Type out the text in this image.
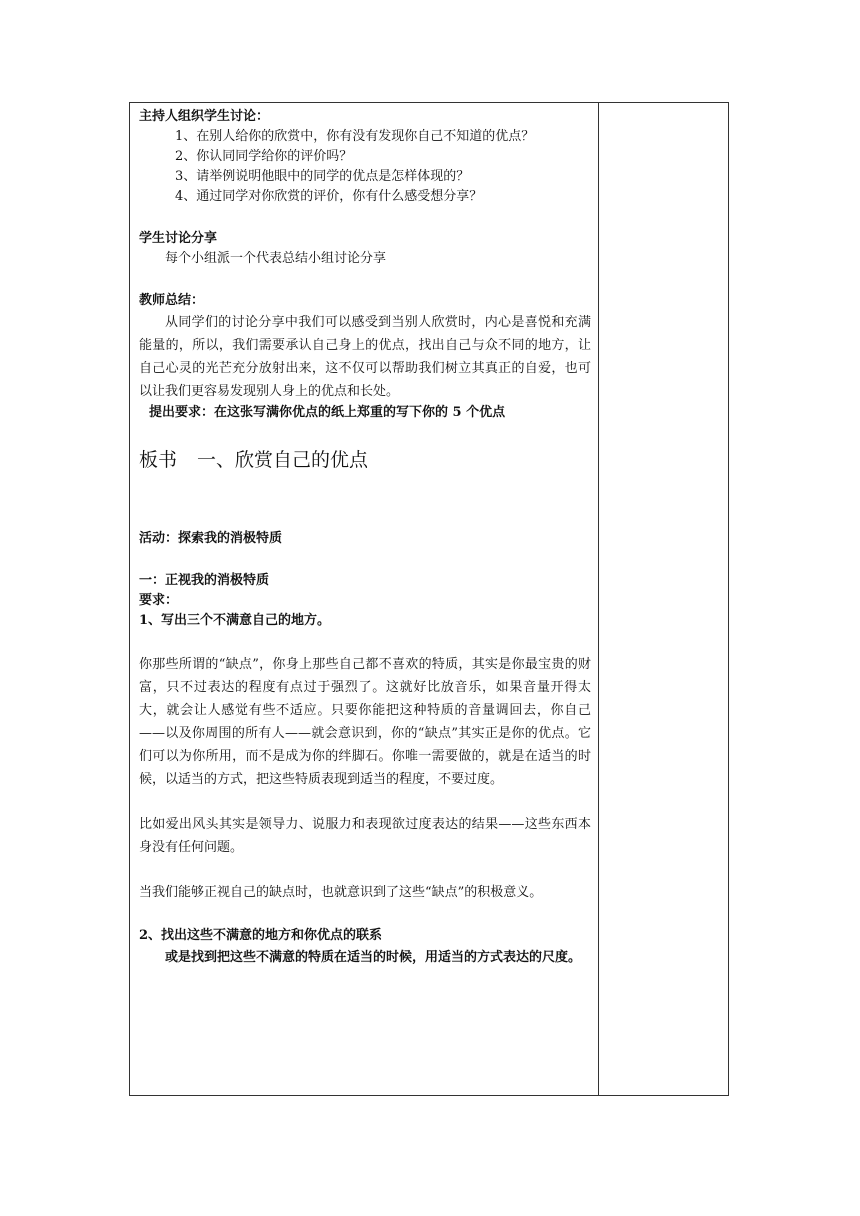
主持人组织学生讨论：

1、在别人给你的欣赏中，你有没有发现你自己不知道的优点？

2、你认同同学给你的评价吗？

3、请举例说明他眼中的同学的优点是怎样体现的？

4、通过同学对你欣赏的评价，你有什么感受想分享？

学生讨论分享

每个小组派一个代表总结小组讨论分享

教师总结：

从同学们的讨论分享中我们可以感受到当别人欣赏时，内心是喜悦和充满能量的，所以，我们需要承认自己身上的优点，找出自己与众不同的地方，让自己心灵的光芒充分放射出来，这不仅可以帮助我们树立其真正的自爱，也可以让我们更容易发现别人身上的优点和长处。

提出要求：在这张写满你优点的纸上郑重的写下你的 5 个优点

板书 一、欣赏自己的优点

活动：探索我的消极特质

一：正视我的消极特质

要求：

1、写出三个不满意自己的地方。

你那些所谓的“缺点”，你身上那些自己都不喜欢的特质，其实是你最宝贵的财富，只不过表达的程度有点过于强烈了。这就好比放音乐，如果音量开得太大，就会让人感觉有些不适应。只要你能把这种特质的音量调回去，你自己——以及你周围的所有人——就会意识到，你的“缺点”其实正是你的优点。它们可以为你所用，而不是成为你的绊脚石。你唯一需要做的，就是在适当的时候，以适当的方式，把这些特质表现到适当的程度，不要过度。

比如爱出风头其实是领导力、说服力和表现欲过度表达的结果——这些东西本身没有任何问题。

当我们能够正视自己的缺点时，也就意识到了这些“缺点”的积极意义。

2、找出这些不满意的地方和你优点的联系

或是找到把这些不满意的特质在适当的时候，用适当的方式表达的尺度。
